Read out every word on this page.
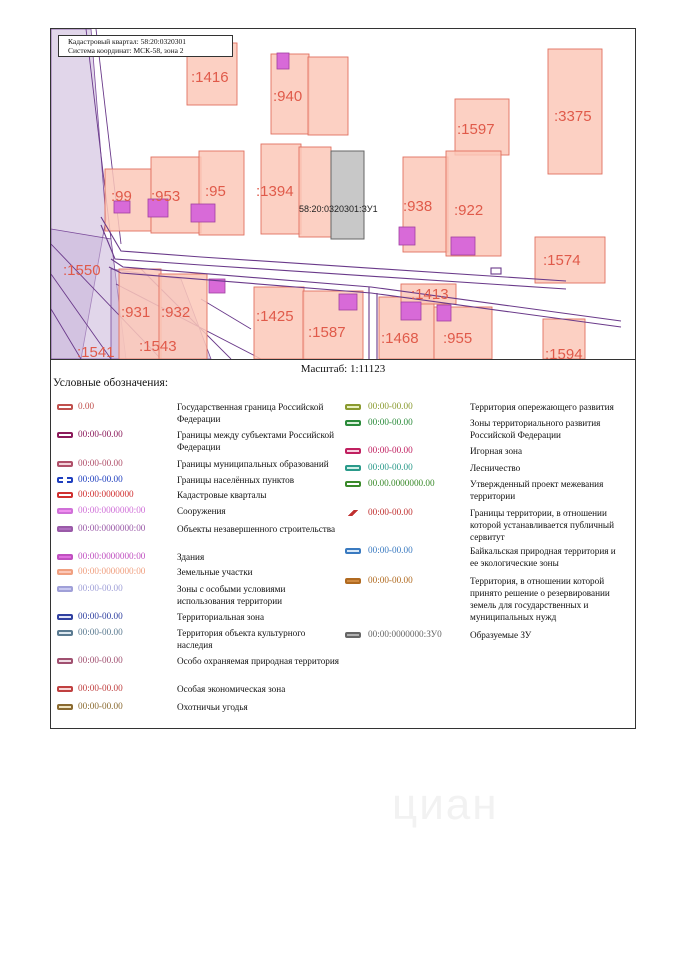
:1416
:940
:1597
:3375
:99 :953 :95 :1394
:938 :922
:1574
:1550
:931 :932	:1425
:1587
:1413
:1468 :955
:1541 :1543	:1594
58:20:0320301:ЗУ1
Кадастровый квартал: 58:20:0320301
Система координат: МСК-58, зона 2
Масштаб: 1:11123
Условные обозначения:
0.00	Государственная граница Российской Федерации
00:00-00.00	Границы между субъектами Российской Федерации
00:00-00.00	Границы муниципальных образований
00:00-00.00	Границы населённых пунктов
00:00:0000000	Кадастровые кварталы
00:00:0000000:00	Сооружения
00:00:0000000:00	Объекты незавершенного строительства
00:00:0000000:00	Здания
00:00:0000000:00	Земельные участки
00:00-00.00	Зоны с особыми условиями использования территории
00:00-00.00	Территориальная зона
00:00-00.00	Территория объекта культурного наследия
00:00-00.00	Особо охраняемая природная территория
00:00-00.00	Особая экономическая зона
00:00-00.00	Охотничьи угодья
00:00-00.00	Территория опережающего развития
00:00-00.00	Зоны территориального развития Российской Федерации
00:00-00.00	Игорная зона
00:00-00.00	Лесничество
00.00.0000000.00	Утвержденный проект межевания территории
00:00-00.00	Границы территории, в отношении которой устанавливается публичный сервитут
00:00-00.00	Байкальская природная территория и ее экологические зоны
00:00-00.00	Территория, в отношении которой принято решение о резервировании земель для государственных и муниципальных нужд
00:00:0000000:ЗУ0	Образуемые ЗУ
циан
